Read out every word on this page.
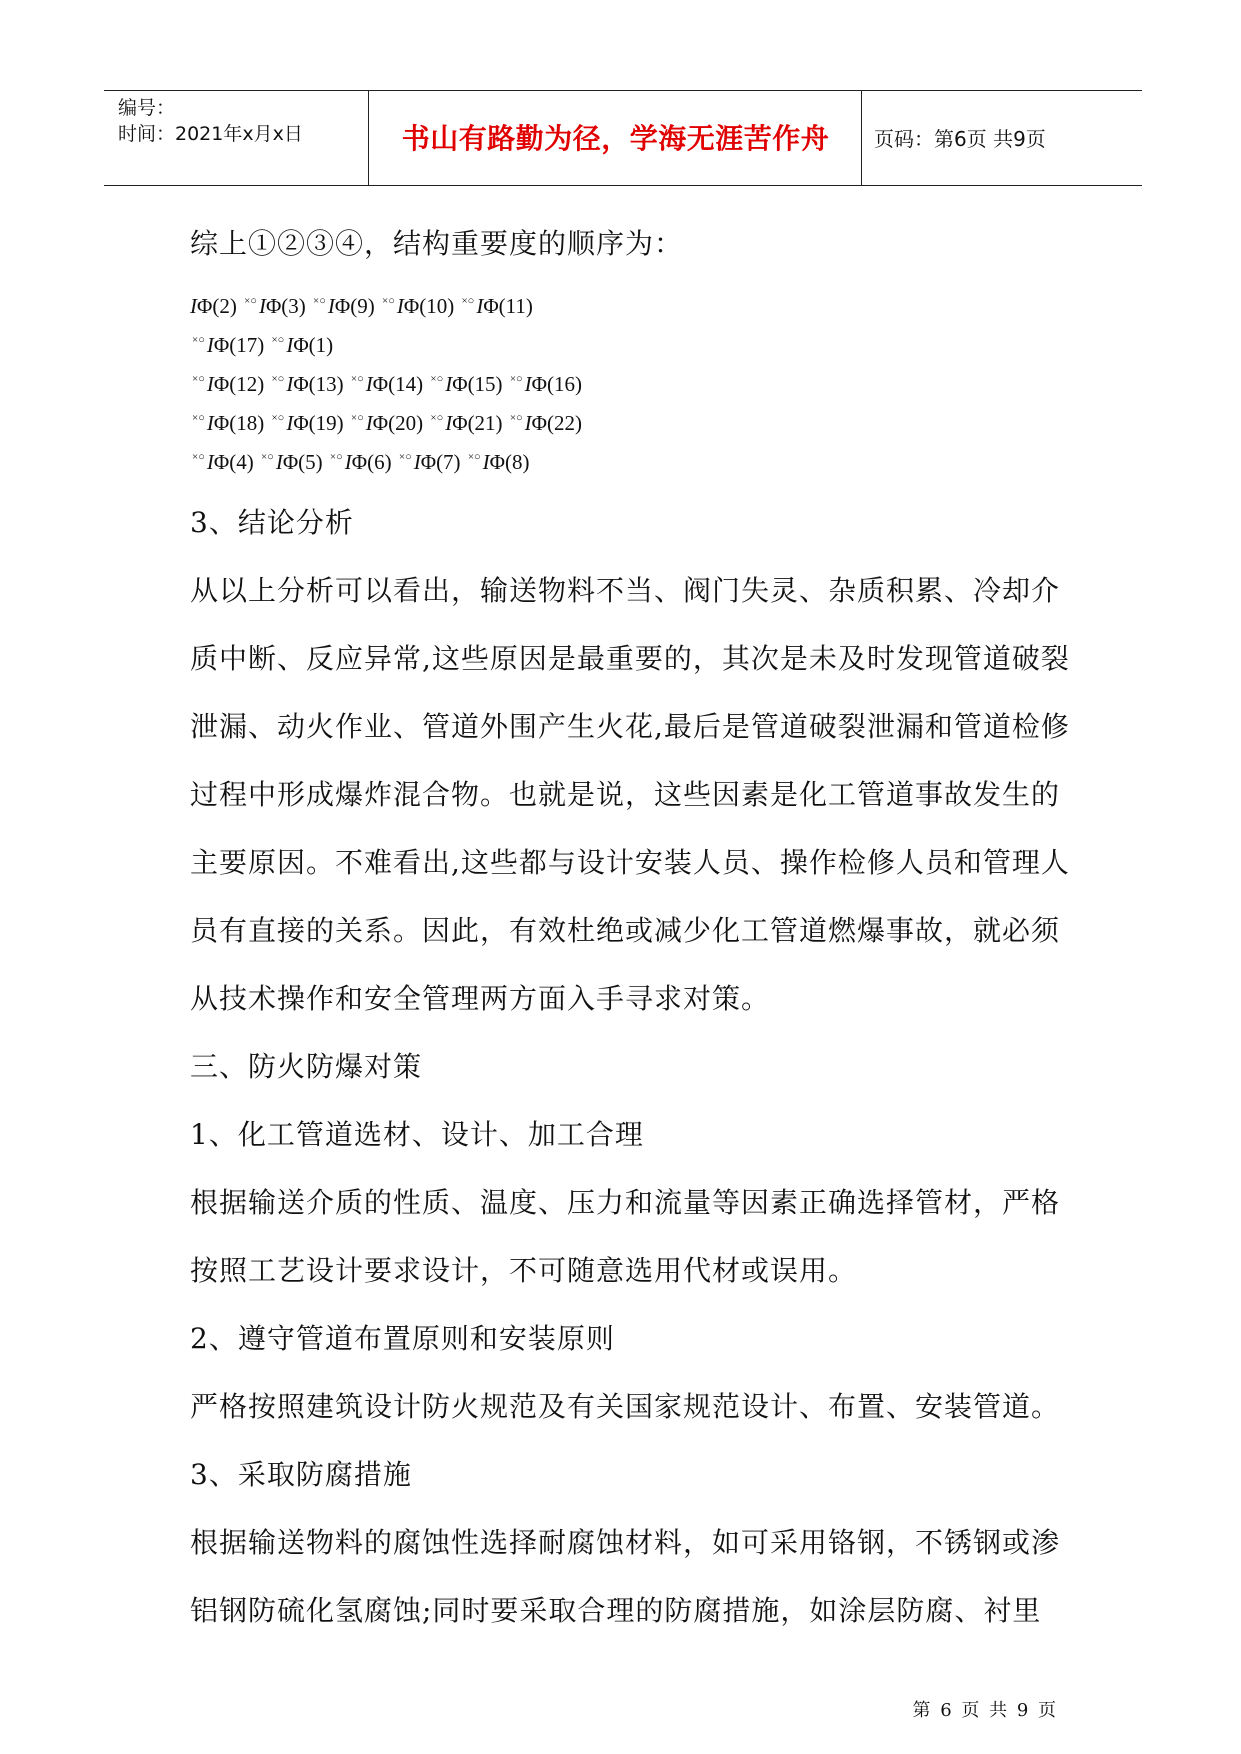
编号：
时间：2021年x月x日	书山有路勤为径，学海无涯苦作舟	页码：第6页 共9页
综上①②③④，结构重要度的顺序为：
IΦ(2) ×○IΦ(3) ×○IΦ(9) ×○IΦ(10) ×○IΦ(11)
×○IΦ(17) ×○IΦ(1)
×○IΦ(12) ×○IΦ(13) ×○IΦ(14) ×○IΦ(15) ×○IΦ(16)
×○IΦ(18) ×○IΦ(19) ×○IΦ(20) ×○IΦ(21) ×○IΦ(22)
×○IΦ(4) ×○IΦ(5) ×○IΦ(6) ×○IΦ(7) ×○IΦ(8)
3、结论分析
从以上分析可以看出，输送物料不当、阀门失灵、杂质积累、冷却介质中断、反应异常,这些原因是最重要的，其次是未及时发现管道破裂泄漏、动火作业、管道外围产生火花,最后是管道破裂泄漏和管道检修过程中形成爆炸混合物。也就是说，这些因素是化工管道事故发生的主要原因。不难看出,这些都与设计安装人员、操作检修人员和管理人员有直接的关系。因此，有效杜绝或减少化工管道燃爆事故，就必须从技术操作和安全管理两方面入手寻求对策。
三、防火防爆对策
1、化工管道选材、设计、加工合理
根据输送介质的性质、温度、压力和流量等因素正确选择管材，严格按照工艺设计要求设计，不可随意选用代材或误用。
2、遵守管道布置原则和安装原则
严格按照建筑设计防火规范及有关国家规范设计、布置、安装管道。
3、采取防腐措施
根据输送物料的腐蚀性选择耐腐蚀材料，如可采用铬钢，不锈钢或渗铝钢防硫化氢腐蚀;同时要采取合理的防腐措施，如涂层防腐、衬里
第 6 页 共 9 页
